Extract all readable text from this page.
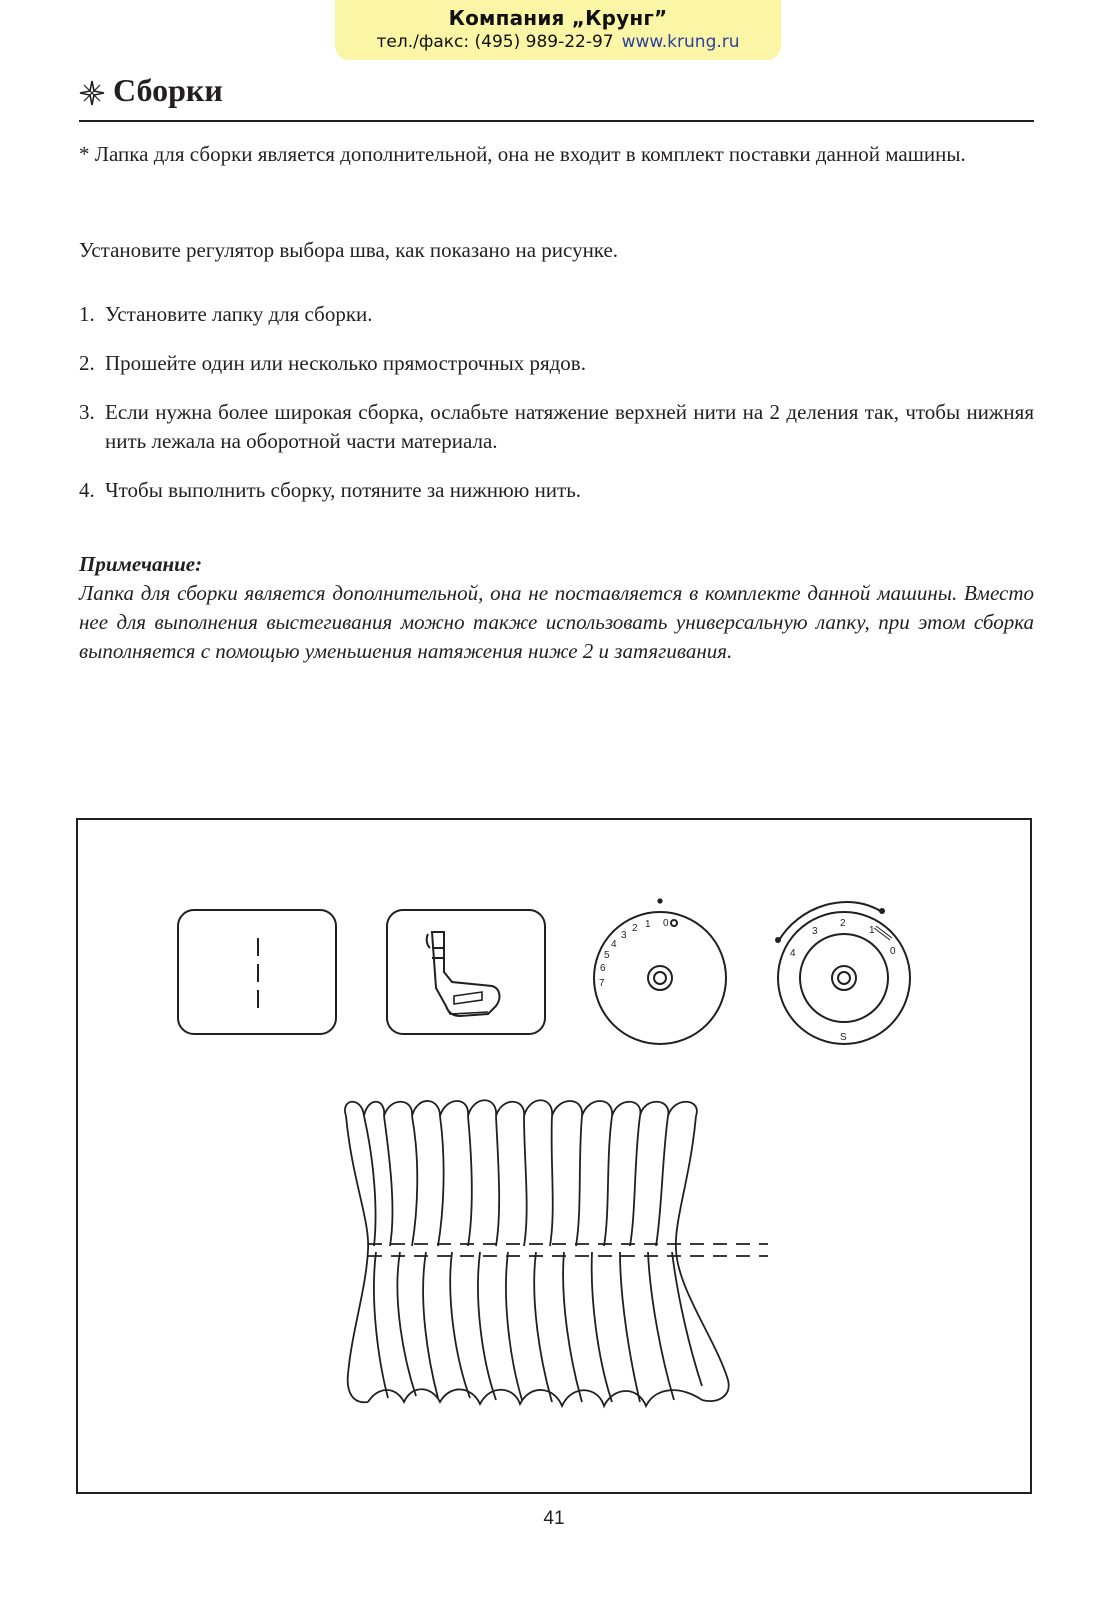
Компания „Крунг”
тел./факс: (495) 989-22-97 www.krung.ru
Сборки
* Лапка для сборки является дополнительной, она не входит в комплект поставки данной машины.
Установите регулятор выбора шва, как показано на рисунке.
1. Установите лапку для сборки.
2. Прошейте один или несколько прямострочных рядов.
3. Если нужна более широкая сборка, ослабьте натяжение верхней нити на 2 деления так, чтобы нижняя нить лежала на оборотной части материала.
4. Чтобы выполнить сборку, потяните за нижнюю нить.
Примечание:
Лапка для сборки является дополнительной, она не поставляется в комплекте данной машины. Вместо нее для выполнения выстегивания можно также использовать универсальную лапку, при этом сборка выполняется с помощью уменьшения натяжения ниже 2 и затягивания.
0
1
2
3
4
5
6
7
4
3
2
1
0
S
41
